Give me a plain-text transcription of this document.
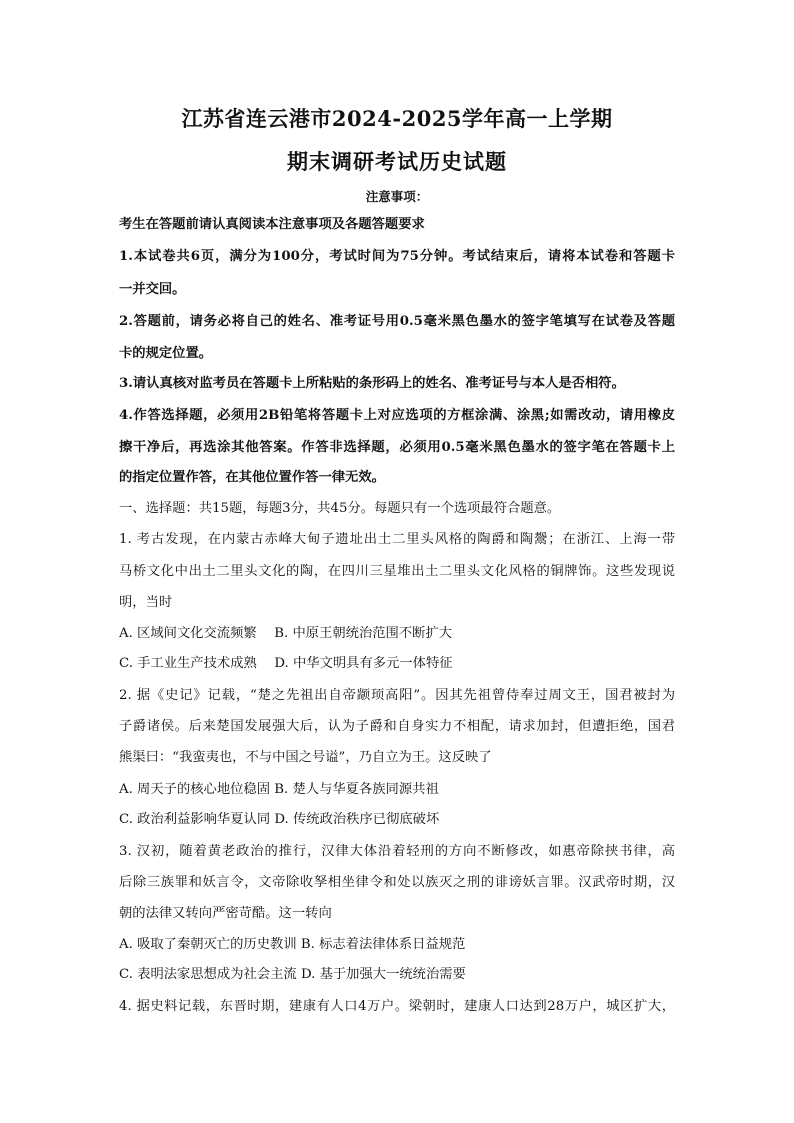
江苏省连云港市2024-2025学年高一上学期
期末调研考试历史试题
注意事项：
考生在答题前请认真阅读本注意事项及各题答题要求
1.本试卷共6页，满分为100分，考试时间为75分钟。考试结束后，请将本试卷和答题卡
一并交回。
2.答题前，请务必将自己的姓名、准考证号用0.5毫米黑色墨水的签字笔填写在试卷及答题
卡的规定位置。
3.请认真核对监考员在答题卡上所粘贴的条形码上的姓名、准考证号与本人是否相符。
4.作答选择题，必须用2B铅笔将答题卡上对应选项的方框涂满、涂黑;如需改动，请用橡皮
擦干净后，再选涂其他答案。作答非选择题，必须用0.5毫米黑色墨水的签字笔在答题卡上
的指定位置作答，在其他位置作答一律无效。
一、选择题：共15题，每题3分，共45分。每题只有一个选项最符合题意。
1. 考古发现，在内蒙古赤峰大甸子遗址出土二里头风格的陶爵和陶鬶；在浙江、上海一带
马桥文化中出土二里头文化的陶，在四川三星堆出土二里头文化风格的铜牌饰。这些发现说
明，当时
A. 区域间文化交流频繁　 B. 中原王朝统治范围不断扩大
C. 手工业生产技术成熟　 D. 中华文明具有多元一体特征
2. 据《史记》记载，“楚之先祖出自帝颛顼高阳”。因其先祖曾侍奉过周文王，国君被封为
子爵诸侯。后来楚国发展强大后，认为子爵和自身实力不相配，请求加封，但遭拒绝，国君
熊渠曰：“我蛮夷也，不与中国之号谥”，乃自立为王。这反映了
A. 周天子的核心地位稳固 B. 楚人与华夏各族同源共祖
C. 政治利益影响华夏认同 D. 传统政治秩序已彻底破坏
3. 汉初，随着黄老政治的推行，汉律大体沿着轻刑的方向不断修改，如惠帝除挟书律，高
后除三族罪和妖言令，文帝除收孥相坐律令和处以族灭之刑的诽谤妖言罪。汉武帝时期，汉
朝的法律又转向严密苛酷。这一转向
A. 吸取了秦朝灭亡的历史教训 B. 标志着法律体系日益规范
C. 表明法家思想成为社会主流 D. 基于加强大一统统治需要
4. 据史料记载，东晋时期，建康有人口4万户。梁朝时，建康人口达到28万户，城区扩大，
